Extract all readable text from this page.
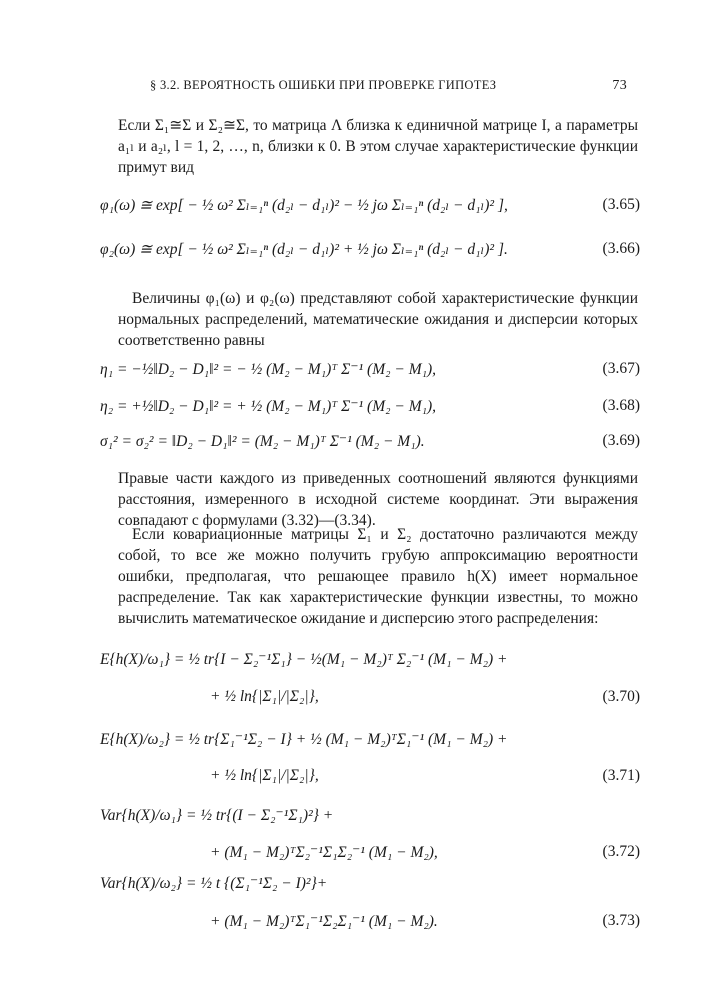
§ 3.2. ВЕРОЯТНОСТЬ ОШИБКИ ПРИ ПРОВЕРКЕ ГИПОТЕЗ	73
Если Σ₁≅Σ и Σ₂≅Σ, то матрица Λ близка к единичной матрице I, а параметры a₁ₗ и a₂ₗ, l = 1, 2, …, n, близки к 0. В этом случае характеристические функции примут вид
φ₁(ω) ≅ exp[ − ½ ω² Σₗ₌₁ⁿ (d₂ₗ − d₁ₗ)² − ½ jω Σₗ₌₁ⁿ (d₂ₗ − d₁ₗ)² ],	(3.65)
φ₂(ω) ≅ exp[ − ½ ω² Σₗ₌₁ⁿ (d₂ₗ − d₁ₗ)² + ½ jω Σₗ₌₁ⁿ (d₂ₗ − d₁ₗ)² ].	(3.66)
Величины φ₁(ω) и φ₂(ω) представляют собой характеристические функции нормальных распределений, математические ожидания и дисперсии которых соответственно равны
η₁ = −½‖D₂ − D₁‖² = − ½ (M₂ − M₁)ᵀ Σ⁻¹ (M₂ − M₁),	(3.67)
η₂ = +½‖D₂ − D₁‖² = + ½ (M₂ − M₁)ᵀ Σ⁻¹ (M₂ − M₁),	(3.68)
σ₁² = σ₂² = ‖D₂ − D₁‖² = (M₂ − M₁)ᵀ Σ⁻¹ (M₂ − M₁).	(3.69)
Правые части каждого из приведенных соотношений являются функциями расстояния, измеренного в исходной системе координат. Эти выражения совпадают с формулами (3.32)—(3.34).
Если ковариационные матрицы Σ₁ и Σ₂ достаточно различаются между собой, то все же можно получить грубую аппроксимацию вероятности ошибки, предполагая, что решающее правило h(X) имеет нормальное распределение. Так как характеристические функции известны, то можно вычислить математическое ожидание и дисперсию этого распределения:
E{h(X)/ω₁} = ½ tr{I − Σ₂⁻¹Σ₁} − ½(M₁ − M₂)ᵀ Σ₂⁻¹ (M₁ − M₂) +
+ ½ ln{|Σ₁|/|Σ₂|},	(3.70)
E{h(X)/ω₂} = ½ tr{Σ₁⁻¹Σ₂ − I} + ½ (M₁ − M₂)ᵀΣ₁⁻¹ (M₁ − M₂) +
+ ½ ln{|Σ₁|/|Σ₂|},	(3.71)
Var{h(X)/ω₁} = ½ tr{(I − Σ₂⁻¹Σ₁)²} +
+ (M₁ − M₂)ᵀΣ₂⁻¹Σ₁Σ₂⁻¹ (M₁ − M₂),	(3.72)
Var{h(X)/ω₂} = ½ t {(Σ₁⁻¹Σ₂ − I)²}+
+ (M₁ − M₂)ᵀΣ₁⁻¹Σ₂Σ₁⁻¹ (M₁ − M₂).	(3.73)
